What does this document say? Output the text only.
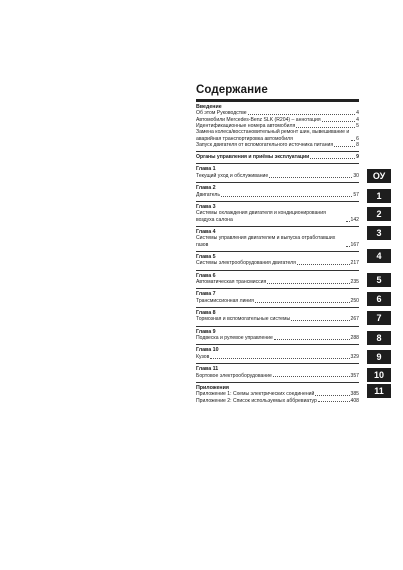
Содержание
Введение
Об этом Руководстве	4
Автомобили Mercedes-Benz SLK (R204) – аннотация	4
Идентификационные номера автомобиля	5
Замена колеса/восстановительный ремонт шин, вывешивание и аварийная транспортировка автомобиля	6
Запуск двигателя от вспомогательного источника питания	8
Органы управления и приёмы эксплуатации	9
Глава 1
Текущий уход и обслуживание	30
Глава 2
Двигатель	57
Глава 3
Системы охлаждения двигателя и кондиционирования воздуха салона	142
Глава 4
Системы управления двигателем и выпуска отработавших газов	167
Глава 5
Системы электрооборудования двигателя	217
Глава 6
Автоматическая трансмиссия	235
Глава 7
Трансмиссионная линия	250
Глава 8
Тормозная и вспомогательные системы	267
Глава 9
Подвеска и рулевое управление	288
Глава 10
Кузов	329
Глава 11
Бортовое электрооборудование	357
Приложения
Приложение 1: Схемы электрических соединений	385
Приложение 2: Список используемых аббревиатур	408
ОУ
1
2
3
4
5
6
7
8
9
10
11
